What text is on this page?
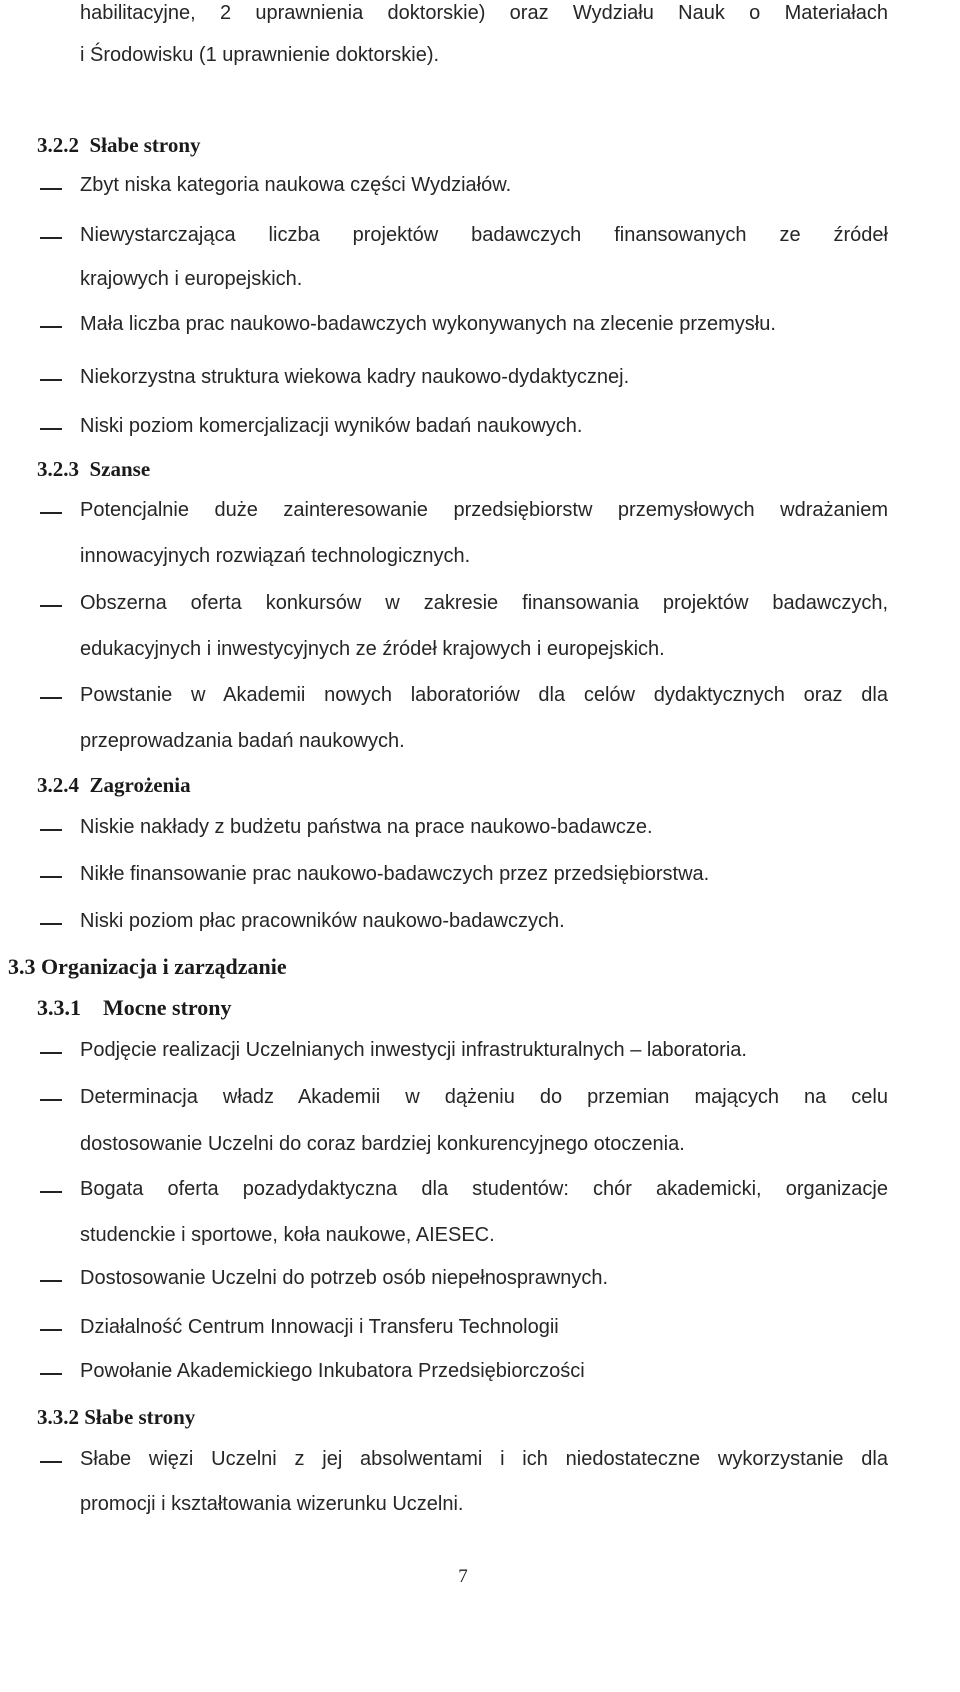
habilitacyjne, 2 uprawnienia doktorskie) oraz Wydziału Nauk o Materiałach

i Środowisku (1 uprawnienie doktorskie).

3.2.2  Słabe strony

Zbyt niska kategoria naukowa części Wydziałów.

Niewystarczająca liczba projektów badawczych finansowanych ze źródeł

krajowych i europejskich.

Mała liczba prac naukowo-badawczych wykonywanych na zlecenie przemysłu.

Niekorzystna struktura wiekowa kadry naukowo-dydaktycznej.

Niski poziom komercjalizacji wyników badań naukowych.

3.2.3  Szanse

Potencjalnie duże zainteresowanie przedsiębiorstw przemysłowych wdrażaniem

innowacyjnych rozwiązań technologicznych.

Obszerna oferta konkursów w zakresie finansowania projektów badawczych,

edukacyjnych i inwestycyjnych ze źródeł krajowych i europejskich.

Powstanie w Akademii nowych laboratoriów dla celów dydaktycznych oraz dla

przeprowadzania badań naukowych.

3.2.4  Zagrożenia

Niskie nakłady z budżetu państwa na prace naukowo-badawcze.

Nikłe finansowanie prac naukowo-badawczych przez przedsiębiorstwa.

Niski poziom płac pracowników naukowo-badawczych.

3.3 Organizacja i zarządzanie
3.3.1    Mocne strony

Podjęcie realizacji Uczelnianych inwestycji infrastrukturalnych – laboratoria.

Determinacja władz Akademii w dążeniu do przemian mających na celu

dostosowanie Uczelni do coraz bardziej konkurencyjnego otoczenia.

Bogata oferta pozadydaktyczna dla studentów: chór akademicki, organizacje

studenckie i sportowe, koła naukowe, AIESEC.

Dostosowanie Uczelni do potrzeb osób niepełnosprawnych.

Działalność Centrum Innowacji i Transferu Technologii

Powołanie Akademickiego Inkubatora Przedsiębiorczości

3.3.2 Słabe strony

Słabe więzi Uczelni z jej absolwentami i ich niedostateczne wykorzystanie dla

promocji i kształtowania wizerunku Uczelni.

7
